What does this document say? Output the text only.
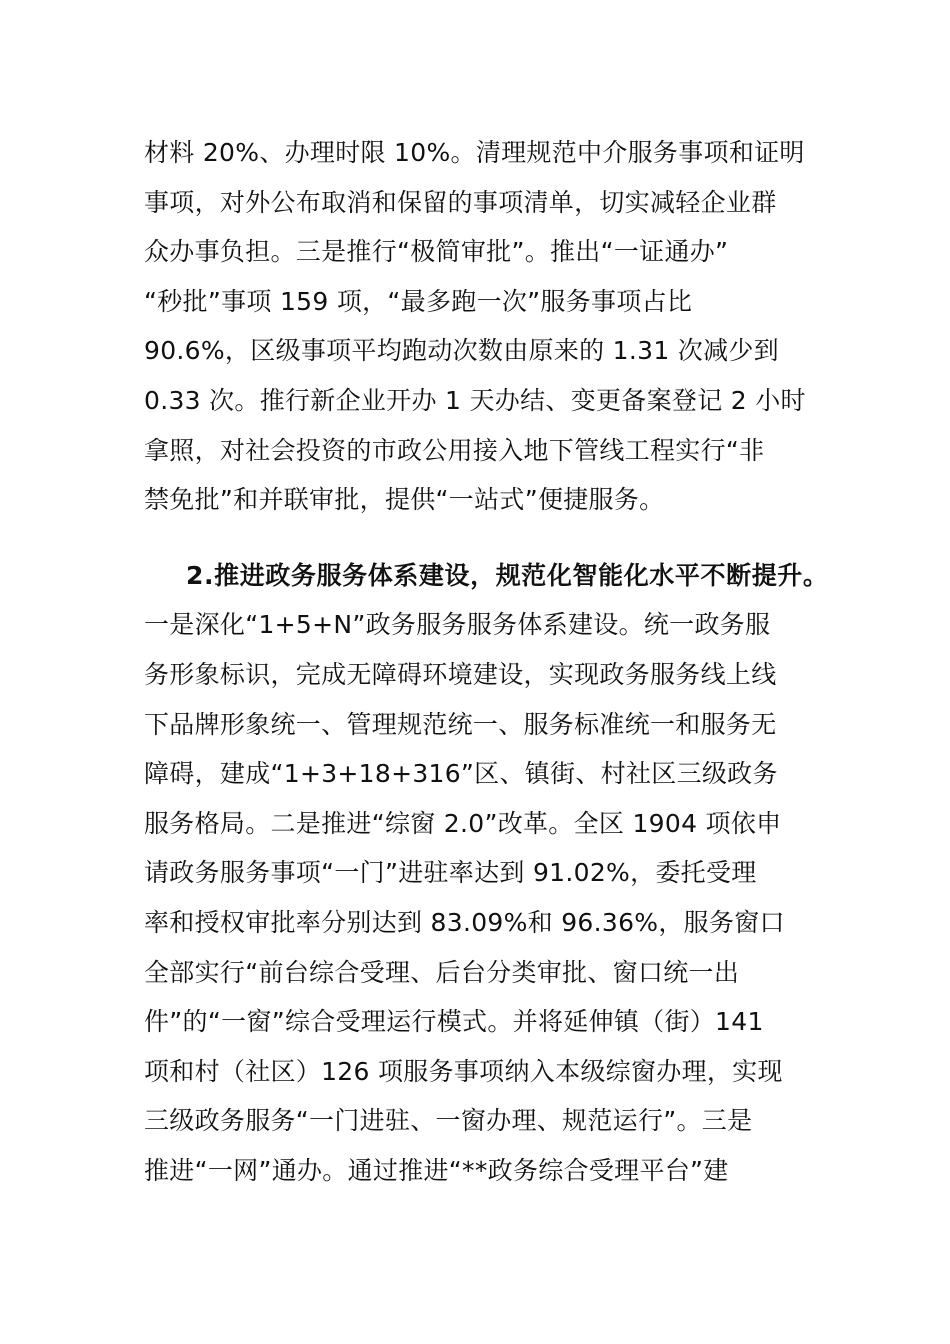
材料 20%、办理时限 10%。清理规范中介服务事项和证明
事项，对外公布取消和保留的事项清单，切实减轻企业群
众办事负担。三是推行“极简审批”。推出“一证通办”
“秒批”事项 159 项，“最多跑一次”服务事项占比
90.6%，区级事项平均跑动次数由原来的 1.31 次减少到
0.33 次。推行新企业开办 1 天办结、变更备案登记 2 小时
拿照，对社会投资的市政公用接入地下管线工程实行“非
禁免批”和并联审批，提供“一站式”便捷服务。
2.推进政务服务体系建设，规范化智能化水平不断提升。
一是深化“1+5+N”政务服务服务体系建设。统一政务服
务形象标识，完成无障碍环境建设，实现政务服务线上线
下品牌形象统一、管理规范统一、服务标准统一和服务无
障碍，建成“1+3+18+316”区、镇街、村社区三级政务
服务格局。二是推进“综窗 2.0”改革。全区 1904 项依申
请政务服务事项“一门”进驻率达到 91.02%，委托受理
率和授权审批率分别达到 83.09%和 96.36%，服务窗口
全部实行“前台综合受理、后台分类审批、窗口统一出
件”的“一窗”综合受理运行模式。并将延伸镇（街）141
项和村（社区）126 项服务事项纳入本级综窗办理，实现
三级政务服务“一门进驻、一窗办理、规范运行”。三是
推进“一网”通办。通过推进“**政务综合受理平台”建
